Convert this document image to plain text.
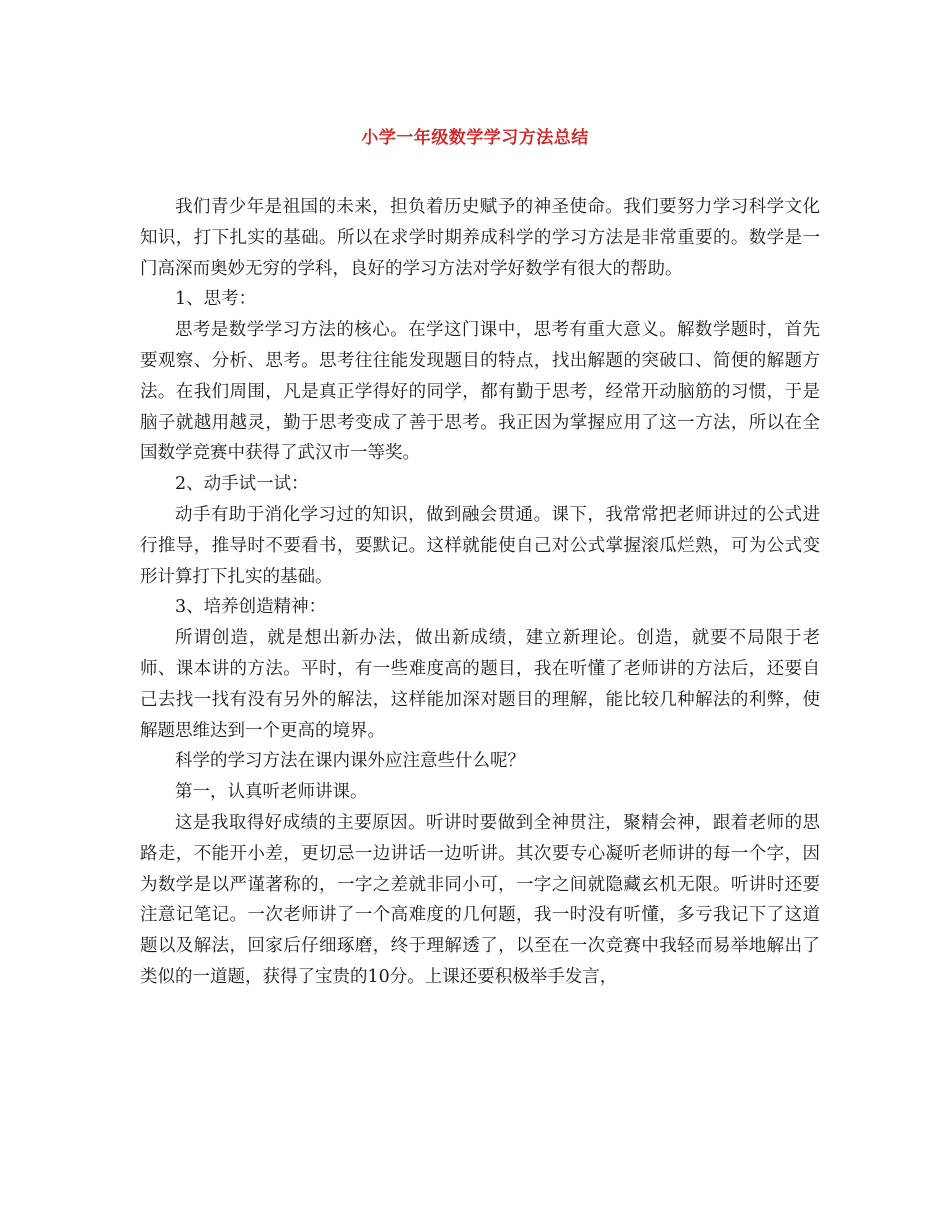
小学一年级数学学习方法总结

我们青少年是祖国的未来，担负着历史赋予的神圣使命。我们要努力学习科学文化知识，打下扎实的基础。所以在求学时期养成科学的学习方法是非常重要的。数学是一门高深而奥妙无穷的学科，良好的学习方法对学好数学有很大的帮助。

1、思考：

思考是数学学习方法的核心。在学这门课中，思考有重大意义。解数学题时，首先要观察、分析、思考。思考往往能发现题目的特点，找出解题的突破口、简便的解题方法。在我们周围，凡是真正学得好的同学，都有勤于思考，经常开动脑筋的习惯，于是脑子就越用越灵，勤于思考变成了善于思考。我正因为掌握应用了这一方法，所以在全国数学竞赛中获得了武汉市一等奖。

2、动手试一试：

动手有助于消化学习过的知识，做到融会贯通。课下，我常常把老师讲过的公式进行推导，推导时不要看书，要默记。这样就能使自己对公式掌握滚瓜烂熟，可为公式变形计算打下扎实的基础。

3、培养创造精神：

所谓创造，就是想出新办法，做出新成绩，建立新理论。创造，就要不局限于老师、课本讲的方法。平时，有一些难度高的题目，我在听懂了老师讲的方法后，还要自己去找一找有没有另外的解法，这样能加深对题目的理解，能比较几种解法的利弊，使解题思维达到一个更高的境界。

科学的学习方法在课内课外应注意些什么呢？

第一，认真听老师讲课。

这是我取得好成绩的主要原因。听讲时要做到全神贯注，聚精会神，跟着老师的思路走，不能开小差，更切忌一边讲话一边听讲。其次要专心凝听老师讲的每一个字，因为数学是以严谨著称的，一字之差就非同小可，一字之间就隐藏玄机无限。听讲时还要注意记笔记。一次老师讲了一个高难度的几何题，我一时没有听懂，多亏我记下了这道题以及解法，回家后仔细琢磨，终于理解透了，以至在一次竞赛中我轻而易举地解出了类似的一道题，获得了宝贵的10分。上课还要积极举手发言，
